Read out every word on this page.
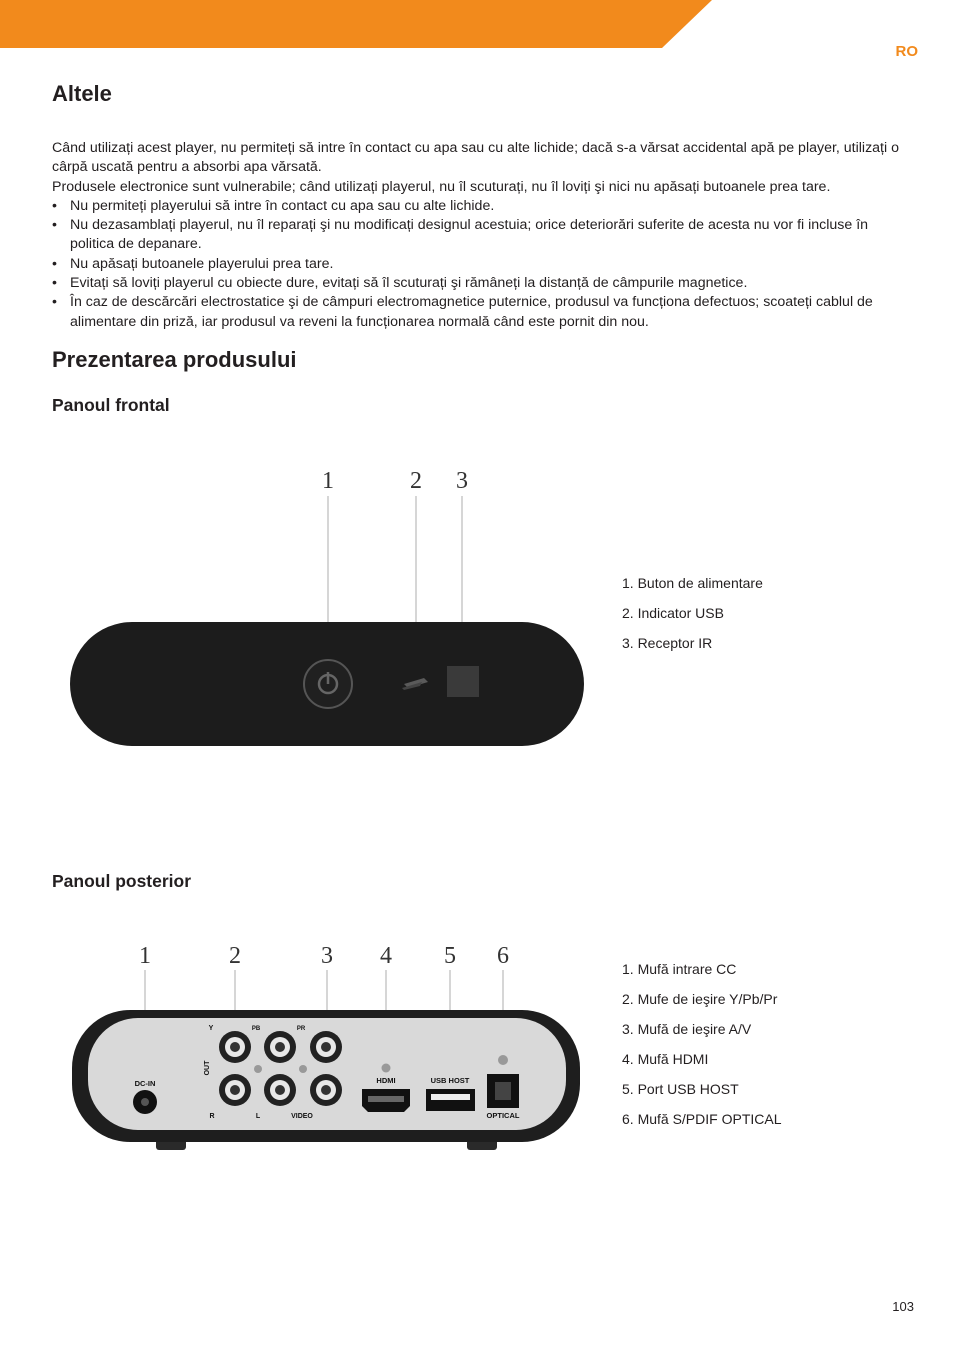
RO
Altele

Când utilizați acest player, nu permiteți să intre în contact cu apa sau cu alte lichide; dacă s-a vărsat accidental apă pe player, utilizați o cârpă uscată pentru a absorbi apa vărsată.

Produsele electronice sunt vulnerabile; când utilizați playerul, nu îl scuturați, nu îl loviți şi nici nu apăsați butoanele prea tare.

• Nu permiteți playerului să intre în contact cu apa sau cu alte lichide.
• Nu dezasamblați playerul, nu îl reparați şi nu modificați designul acestuia; orice deteriorări suferite de acesta nu vor fi incluse în politica de depanare.
• Nu apăsați butoanele playerului prea tare.
• Evitați să loviți playerul cu obiecte dure, evitați să îl scuturați şi rămâneți la distanță de câmpurile magnetice.
• În caz de descărcări electrostatice şi de câmpuri electromagnetice puternice, produsul va funcționa defectuos; scoateți cablul de alimentare din priză, iar produsul va reveni la funcționarea normală când este pornit din nou.
Prezentarea produsului
Panoul frontal
1	2 3
1. Buton de alimentare
2. Indicator USB
3. Receptor IR
Panoul posterior
1	2	3 4 5 6
DC-IN
Y	PB	PR
OUT
R	L	VIDEO
HDMI	USB HOST
OPTICAL
1. Mufă intrare CC
2. Mufe de ieşire Y/Pb/Pr
3. Mufă de ieşire A/V
4. Mufă HDMI
5. Port USB HOST
6. Mufă S/PDIF OPTICAL
103
